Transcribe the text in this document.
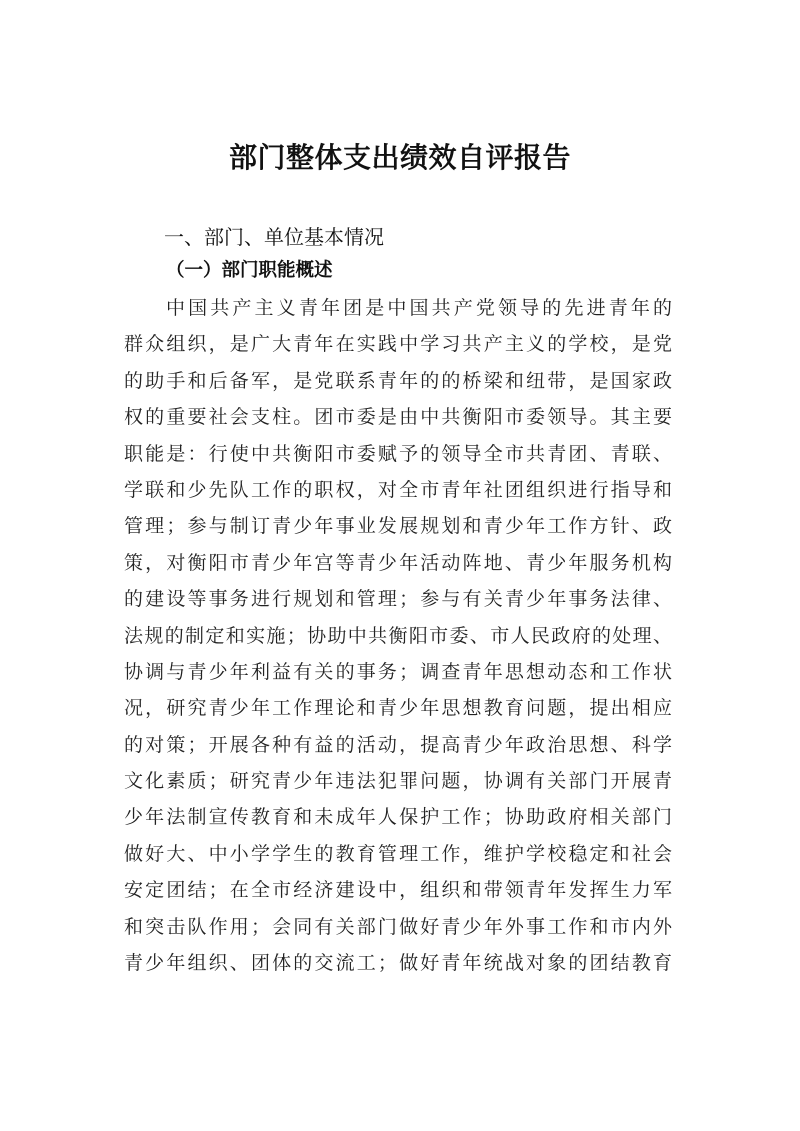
部门整体支出绩效自评报告
一、部门、单位基本情况
（一）部门职能概述
中国共产主义青年团是中国共产党领导的先进青年的
群众组织，是广大青年在实践中学习共产主义的学校，是党
的助手和后备军，是党联系青年的的桥梁和纽带，是国家政
权的重要社会支柱。团市委是由中共衡阳市委领导。其主要
职能是：行使中共衡阳市委赋予的领导全市共青团、青联、
学联和少先队工作的职权，对全市青年社团组织进行指导和
管理；参与制订青少年事业发展规划和青少年工作方针、政
策，对衡阳市青少年宫等青少年活动阵地、青少年服务机构
的建设等事务进行规划和管理；参与有关青少年事务法律、
法规的制定和实施；协助中共衡阳市委、市人民政府的处理、
协调与青少年利益有关的事务；调查青年思想动态和工作状
况，研究青少年工作理论和青少年思想教育问题，提出相应
的对策；开展各种有益的活动，提高青少年政治思想、科学
文化素质；研究青少年违法犯罪问题，协调有关部门开展青
少年法制宣传教育和未成年人保护工作；协助政府相关部门
做好大、中小学学生的教育管理工作，维护学校稳定和社会
安定团结；在全市经济建设中，组织和带领青年发挥生力军
和突击队作用；会同有关部门做好青少年外事工作和市内外
青少年组织、团体的交流工；做好青年统战对象的团结教育
